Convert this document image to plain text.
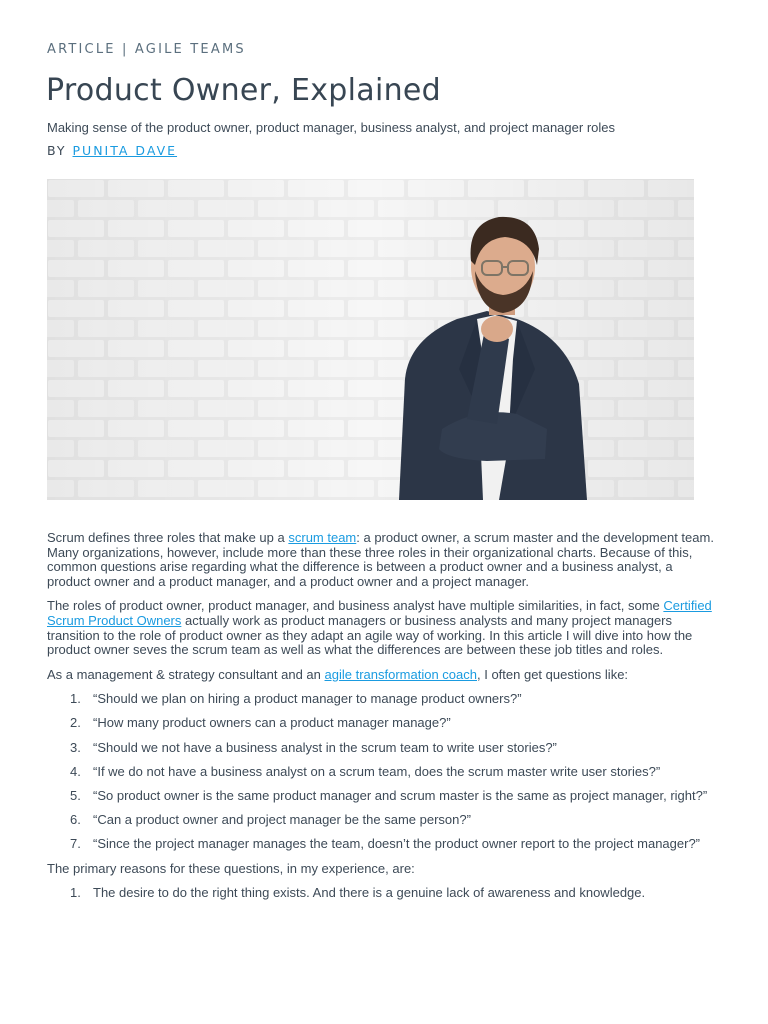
ARTICLE | AGILE TEAMS
Product Owner, Explained

Making sense of the product owner, product manager, business analyst, and project manager roles

BY PUNITA DAVE

Scrum defines three roles that make up a scrum team: a product owner, a scrum master and the development team. Many organizations, however, include more than these three roles in their organizational charts. Because of this, common questions arise regarding what the difference is between a product owner and a business analyst, a product owner and a product manager, and a product owner and a project manager.

The roles of product owner, product manager, and business analyst have multiple similarities, in fact, some Certified Scrum Product Owners actually work as product managers or business analysts and many project managers transition to the role of product owner as they adapt an agile way of working. In this article I will dive into how the product owner seves the scrum team as well as what the differences are between these job titles and roles.

As a management & strategy consultant and an agile transformation coach, I often get questions like:

1. “Should we plan on hiring a product manager to manage product owners?”
2. “How many product owners can a product manager manage?”
3. “Should we not have a business analyst in the scrum team to write user stories?”
4. “If we do not have a business analyst on a scrum team, does the scrum master write user stories?”
5. “So product owner is the same product manager and scrum master is the same as project manager, right?”
6. “Can a product owner and project manager be the same person?”
7. “Since the project manager manages the team, doesn’t the product owner report to the project manager?”

The primary reasons for these questions, in my experience, are:

1. The desire to do the right thing exists. And there is a genuine lack of awareness and knowledge.
